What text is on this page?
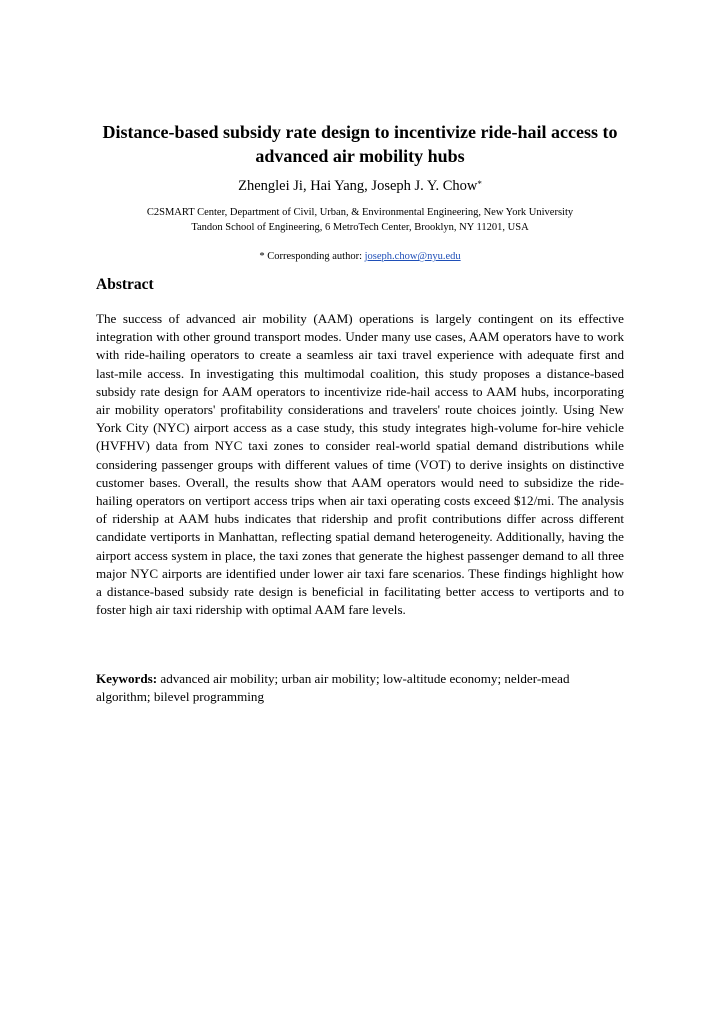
Distance-based subsidy rate design to incentivize ride-hail access to advanced air mobility hubs
Zhenglei Ji, Hai Yang, Joseph J. Y. Chow*
C2SMART Center, Department of Civil, Urban, & Environmental Engineering, New York University
Tandon School of Engineering, 6 MetroTech Center, Brooklyn, NY 11201, USA
* Corresponding author: joseph.chow@nyu.edu
Abstract

The success of advanced air mobility (AAM) operations is largely contingent on its effective integration with other ground transport modes. Under many use cases, AAM operators have to work with ride-hailing operators to create a seamless air taxi travel experience with adequate first and last-mile access. In investigating this multimodal coalition, this study proposes a distance-based subsidy rate design for AAM operators to incentivize ride-hail access to AAM hubs, incorporating air mobility operators' profitability considerations and travelers' route choices jointly. Using New York City (NYC) airport access as a case study, this study integrates high-volume for-hire vehicle (HVFHV) data from NYC taxi zones to consider real-world spatial demand distributions while considering passenger groups with different values of time (VOT) to derive insights on distinctive customer bases. Overall, the results show that AAM operators would need to subsidize the ride-hailing operators on vertiport access trips when air taxi operating costs exceed $12/mi. The analysis of ridership at AAM hubs indicates that ridership and profit contributions differ across different candidate vertiports in Manhattan, reflecting spatial demand heterogeneity. Additionally, having the airport access system in place, the taxi zones that generate the highest passenger demand to all three major NYC airports are identified under lower air taxi fare scenarios. These findings highlight how a distance-based subsidy rate design is beneficial in facilitating better access to vertiports and to foster high air taxi ridership with optimal AAM fare levels.

Keywords: advanced air mobility; urban air mobility; low-altitude economy; nelder-mead algorithm; bilevel programming
